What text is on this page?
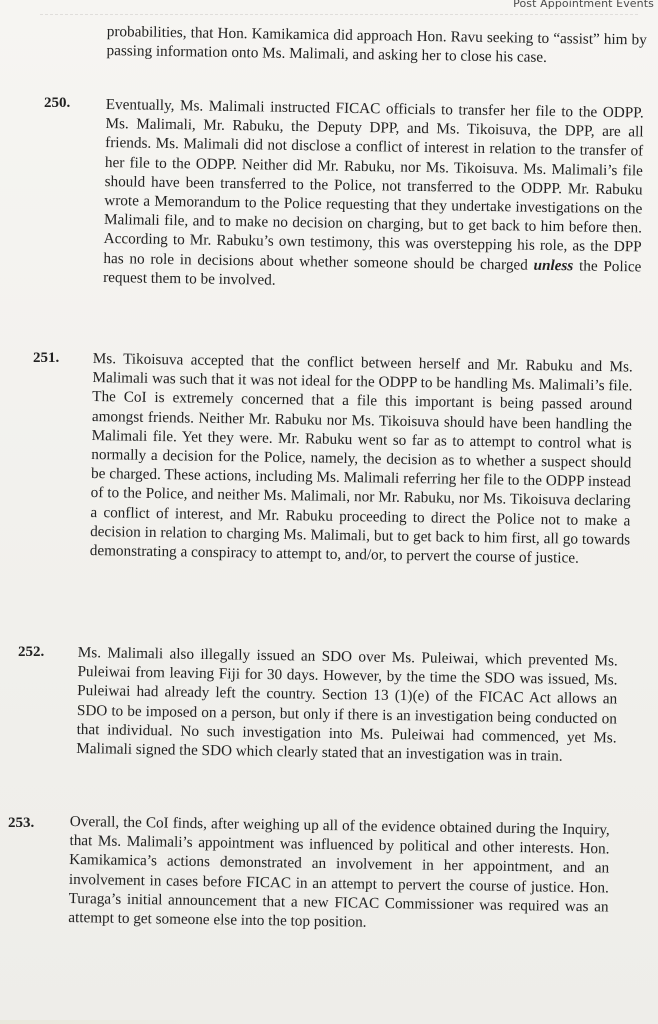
Post Appointment Events

probabilities, that Hon. Kamikamica did approach Hon. Ravu seeking to “assist” him by passing information onto Ms. Malimali, and asking her to close his case.

250. Eventually, Ms. Malimali instructed FICAC officials to transfer her file to the ODPP. Ms. Malimali, Mr. Rabuku, the Deputy DPP, and Ms. Tikoisuva, the DPP, are all friends. Ms. Malimali did not disclose a conflict of interest in relation to the transfer of her file to the ODPP. Neither did Mr. Rabuku, nor Ms. Tikoisuva. Ms. Malimali’s file should have been transferred to the Police, not transferred to the ODPP. Mr. Rabuku wrote a Memorandum to the Police requesting that they undertake investigations on the Malimali file, and to make no decision on charging, but to get back to him before then. According to Mr. Rabuku’s own testimony, this was overstepping his role, as the DPP has no role in decisions about whether someone should be charged unless the Police request them to be involved.

251. Ms. Tikoisuva accepted that the conflict between herself and Mr. Rabuku and Ms. Malimali was such that it was not ideal for the ODPP to be handling Ms. Malimali’s file. The CoI is extremely concerned that a file this important is being passed around amongst friends. Neither Mr. Rabuku nor Ms. Tikoisuva should have been handling the Malimali file. Yet they were. Mr. Rabuku went so far as to attempt to control what is normally a decision for the Police, namely, the decision as to whether a suspect should be charged. These actions, including Ms. Malimali referring her file to the ODPP instead of to the Police, and neither Ms. Malimali, nor Mr. Rabuku, nor Ms. Tikoisuva declaring a conflict of interest, and Mr. Rabuku proceeding to direct the Police not to make a decision in relation to charging Ms. Malimali, but to get back to him first, all go towards demonstrating a conspiracy to attempt to, and/or, to pervert the course of justice.

252. Ms. Malimali also illegally issued an SDO over Ms. Puleiwai, which prevented Ms. Puleiwai from leaving Fiji for 30 days. However, by the time the SDO was issued, Ms. Puleiwai had already left the country. Section 13 (1)(e) of the FICAC Act allows an SDO to be imposed on a person, but only if there is an investigation being conducted on that individual. No such investigation into Ms. Puleiwai had commenced, yet Ms. Malimali signed the SDO which clearly stated that an investigation was in train.

253. Overall, the CoI finds, after weighing up all of the evidence obtained during the Inquiry, that Ms. Malimali’s appointment was influenced by political and other interests. Hon. Kamikamica’s actions demonstrated an involvement in her appointment, and an involvement in cases before FICAC in an attempt to pervert the course of justice. Hon. Turaga’s initial announcement that a new FICAC Commissioner was required was an attempt to get someone else into the top position.
